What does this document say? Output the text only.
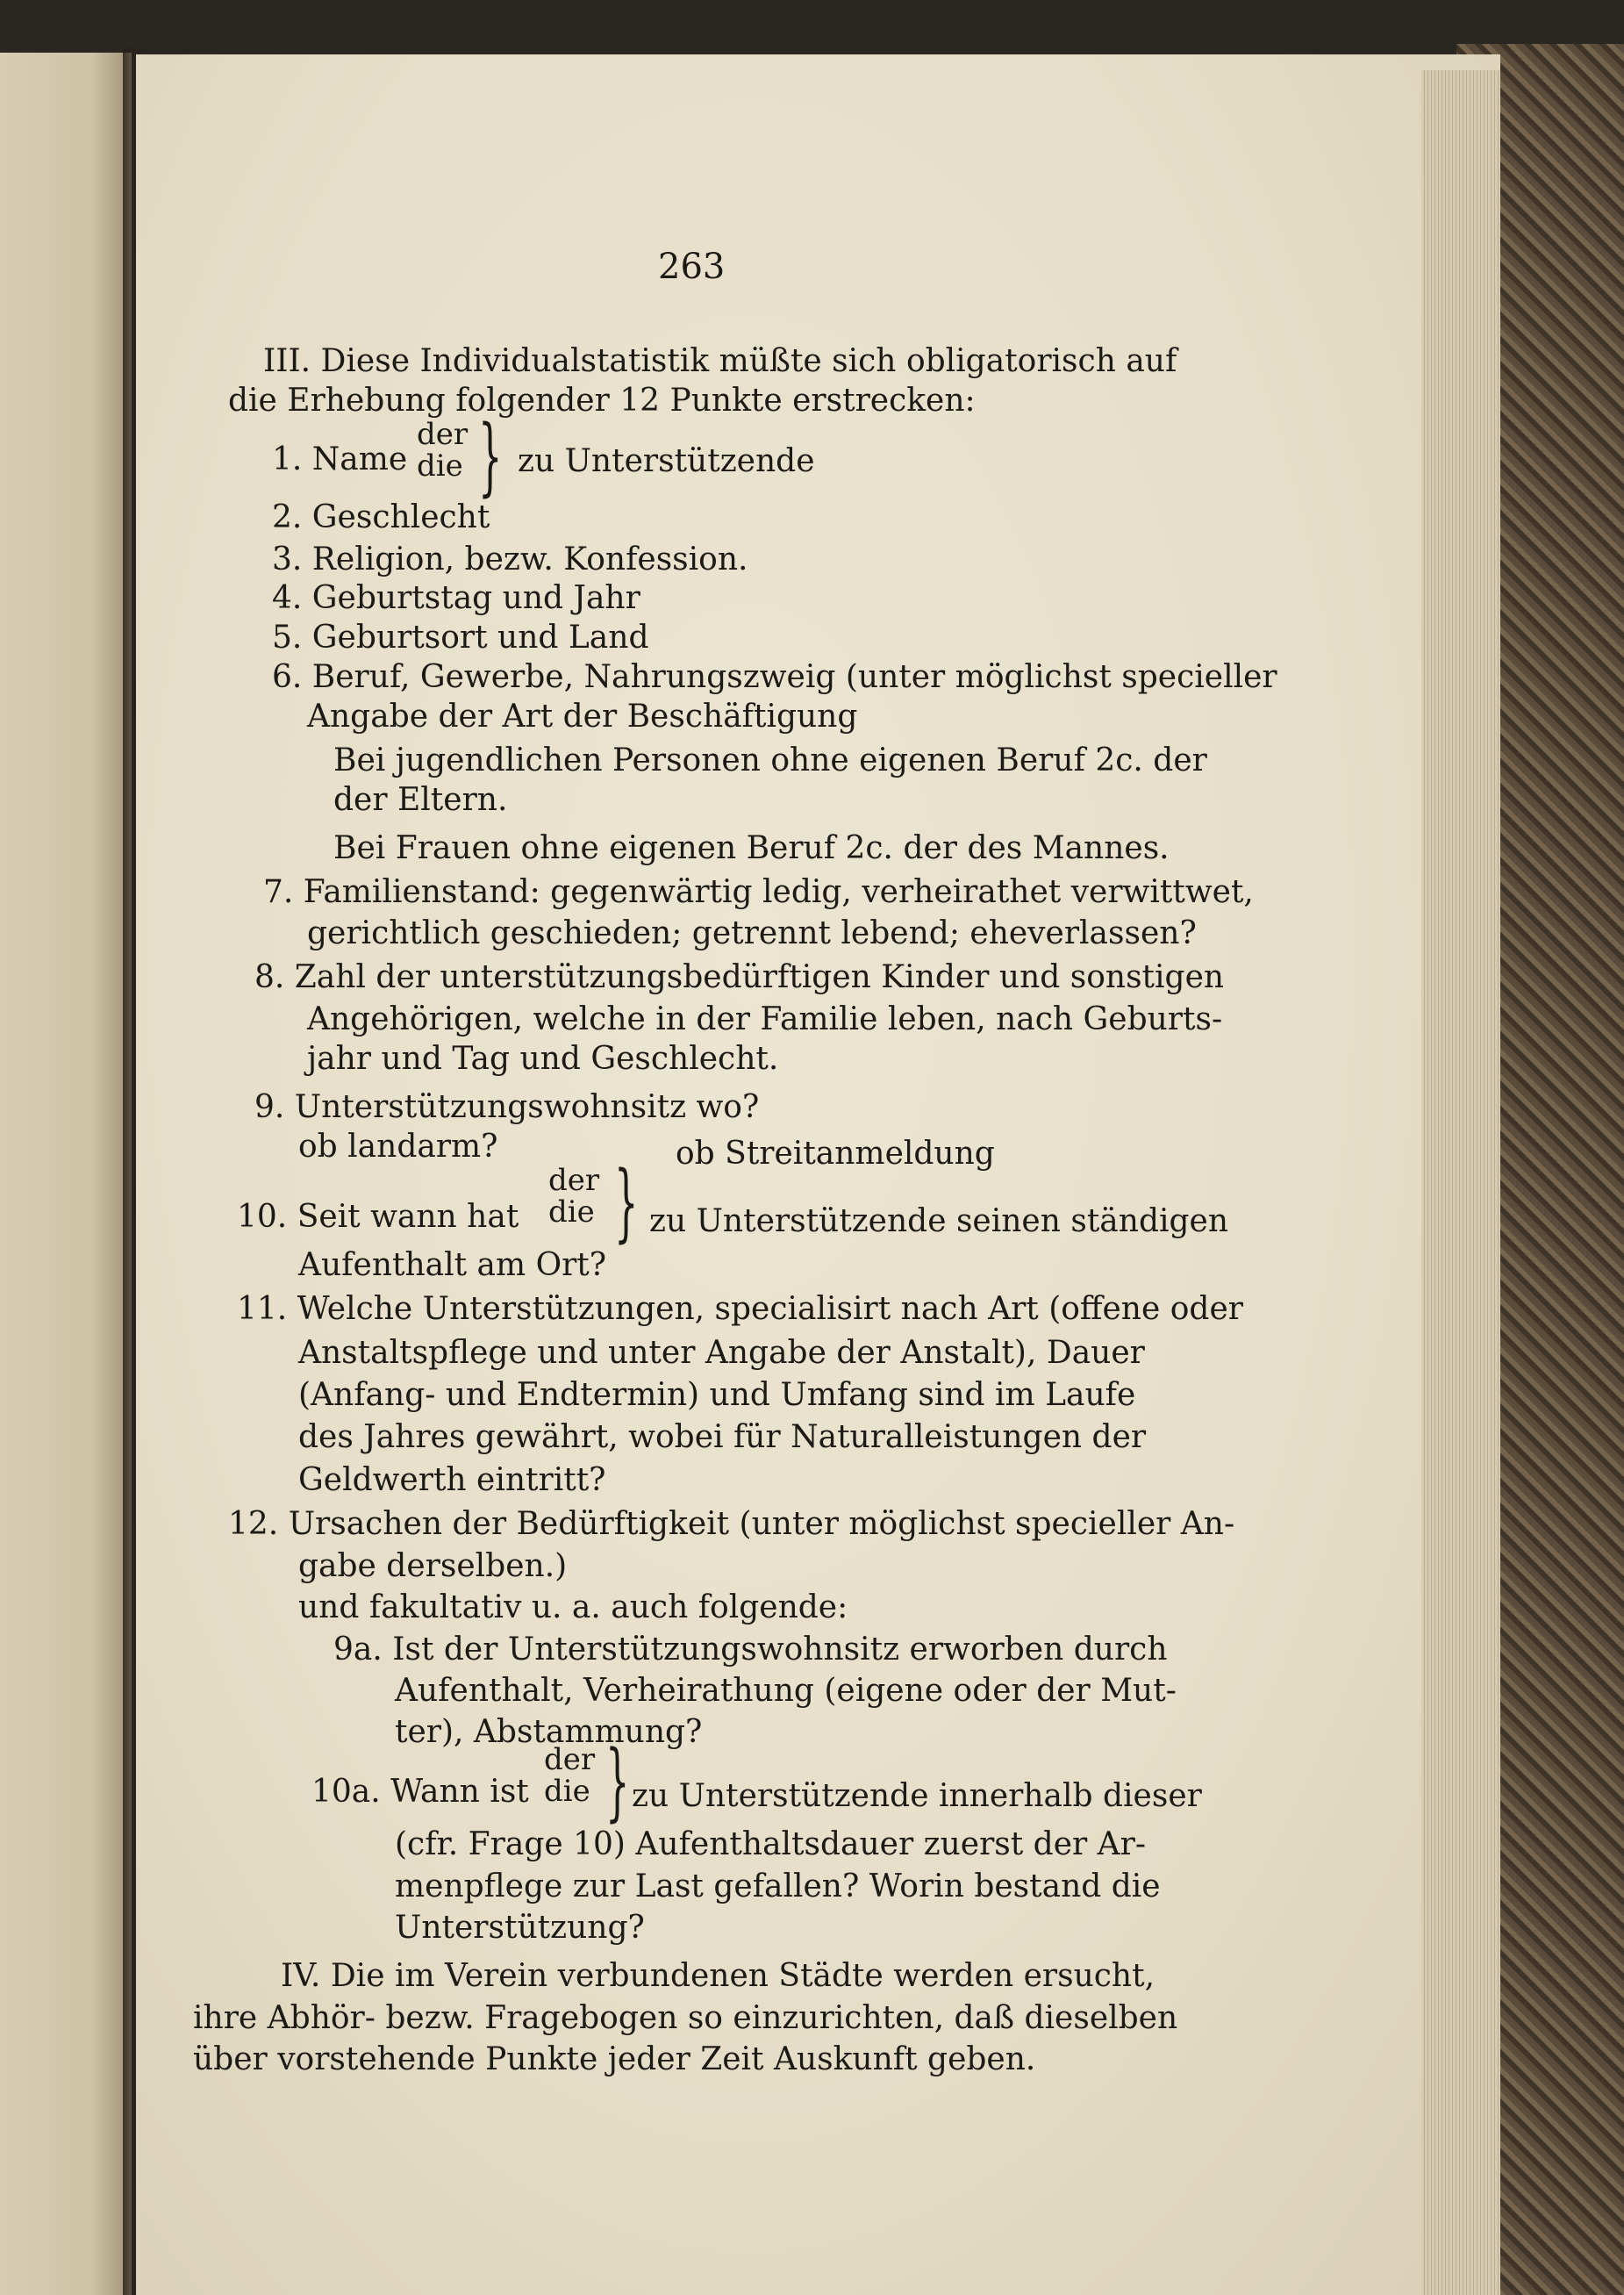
263
III. Diese Individualstatistik müßte sich obligatorisch auf
die Erhebung folgender 12 Punkte erstrecken:
1. Name
der
die } zu Unterstützende
2. Geschlecht
3. Religion, bezw. Konfession.
4. Geburtstag und Jahr
5. Geburtsort und Land
6. Beruf, Gewerbe, Nahrungszweig (unter möglichst specieller
Angabe der Art der Beschäftigung
Bei jugendlichen Personen ohne eigenen Beruf 2c. der
der Eltern.
Bei Frauen ohne eigenen Beruf 2c. der des Mannes.
7. Familienstand: gegenwärtig ledig, verheirathet verwittwet,
gerichtlich geschieden; getrennt lebend; eheverlassen?
8. Zahl der unterstützungsbedürftigen Kinder und sonstigen
Angehörigen, welche in der Familie leben, nach Geburts-
jahr und Tag und Geschlecht.
9. Unterstützungswohnsitz wo?
ob landarm?	ob Streitanmeldung
10. Seit wann hat
der
die } zu Unterstützende seinen ständigen
Aufenthalt am Ort?
11. Welche Unterstützungen, specialisirt nach Art (offene oder
Anstaltspflege und unter Angabe der Anstalt), Dauer
(Anfang- und Endtermin) und Umfang sind im Laufe
des Jahres gewährt, wobei für Naturalleistungen der
Geldwerth eintritt?
12. Ursachen der Bedürftigkeit (unter möglichst specieller An-
gabe derselben.)
und fakultativ u. a. auch folgende:
9a. Ist der Unterstützungswohnsitz erworben durch
Aufenthalt, Verheirathung (eigene oder der Mut-
ter), Abstammung?
10a. Wann ist
der
die } zu Unterstützende innerhalb dieser
(cfr. Frage 10) Aufenthaltsdauer zuerst der Ar-
menpflege zur Last gefallen? Worin bestand die
Unterstützung?
IV. Die im Verein verbundenen Städte werden ersucht,
ihre Abhör- bezw. Fragebogen so einzurichten, daß dieselben
über vorstehende Punkte jeder Zeit Auskunft geben.
